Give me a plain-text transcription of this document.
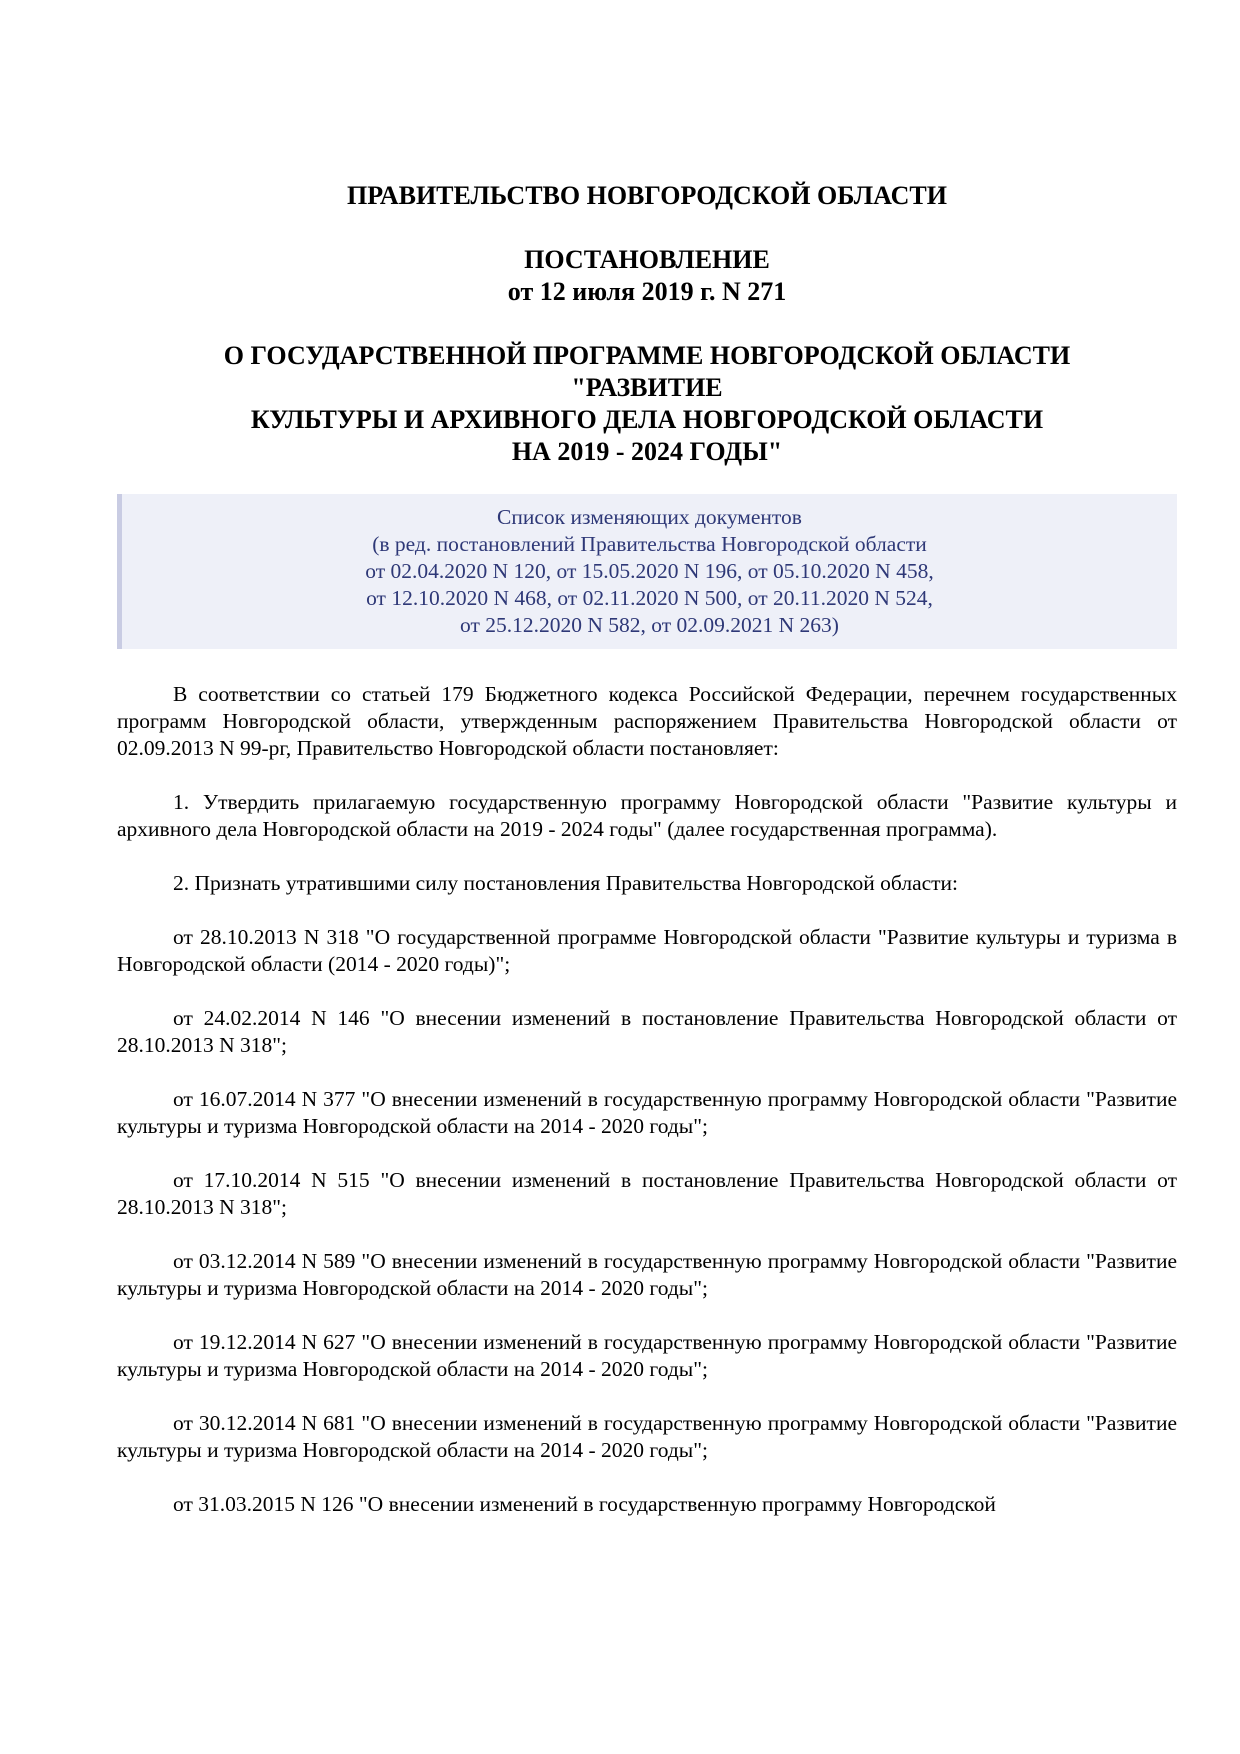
ПРАВИТЕЛЬСТВО НОВГОРОДСКОЙ ОБЛАСТИ
ПОСТАНОВЛЕНИЕ
от 12 июля 2019 г. N 271
О ГОСУДАРСТВЕННОЙ ПРОГРАММЕ НОВГОРОДСКОЙ ОБЛАСТИ
"РАЗВИТИЕ
КУЛЬТУРЫ И АРХИВНОГО ДЕЛА НОВГОРОДСКОЙ ОБЛАСТИ
НА 2019 - 2024 ГОДЫ"
Список изменяющих документов
(в ред. постановлений Правительства Новгородской области
от 02.04.2020 N 120, от 15.05.2020 N 196, от 05.10.2020 N 458,
от 12.10.2020 N 468, от 02.11.2020 N 500, от 20.11.2020 N 524,
от 25.12.2020 N 582, от 02.09.2021 N 263)

В соответствии со статьей 179 Бюджетного кодекса Российской Федерации, перечнем государственных программ Новгородской области, утвержденным распоряжением Правительства Новгородской области от 02.09.2013 N 99-рг, Правительство Новгородской области постановляет:

1. Утвердить прилагаемую государственную программу Новгородской области "Развитие культуры и архивного дела Новгородской области на 2019 - 2024 годы" (далее государственная программа).

2. Признать утратившими силу постановления Правительства Новгородской области:

от 28.10.2013 N 318 "О государственной программе Новгородской области "Развитие культуры и туризма в Новгородской области (2014 - 2020 годы)";

от 24.02.2014 N 146 "О внесении изменений в постановление Правительства Новгородской области от 28.10.2013 N 318";

от 16.07.2014 N 377 "О внесении изменений в государственную программу Новгородской области "Развитие культуры и туризма Новгородской области на 2014 - 2020 годы";

от 17.10.2014 N 515 "О внесении изменений в постановление Правительства Новгородской области от 28.10.2013 N 318";

от 03.12.2014 N 589 "О внесении изменений в государственную программу Новгородской области "Развитие культуры и туризма Новгородской области на 2014 - 2020 годы";

от 19.12.2014 N 627 "О внесении изменений в государственную программу Новгородской области "Развитие культуры и туризма Новгородской области на 2014 - 2020 годы";

от 30.12.2014 N 681 "О внесении изменений в государственную программу Новгородской области "Развитие культуры и туризма Новгородской области на 2014 - 2020 годы";

от 31.03.2015 N 126 "О внесении изменений в государственную программу Новгородской
